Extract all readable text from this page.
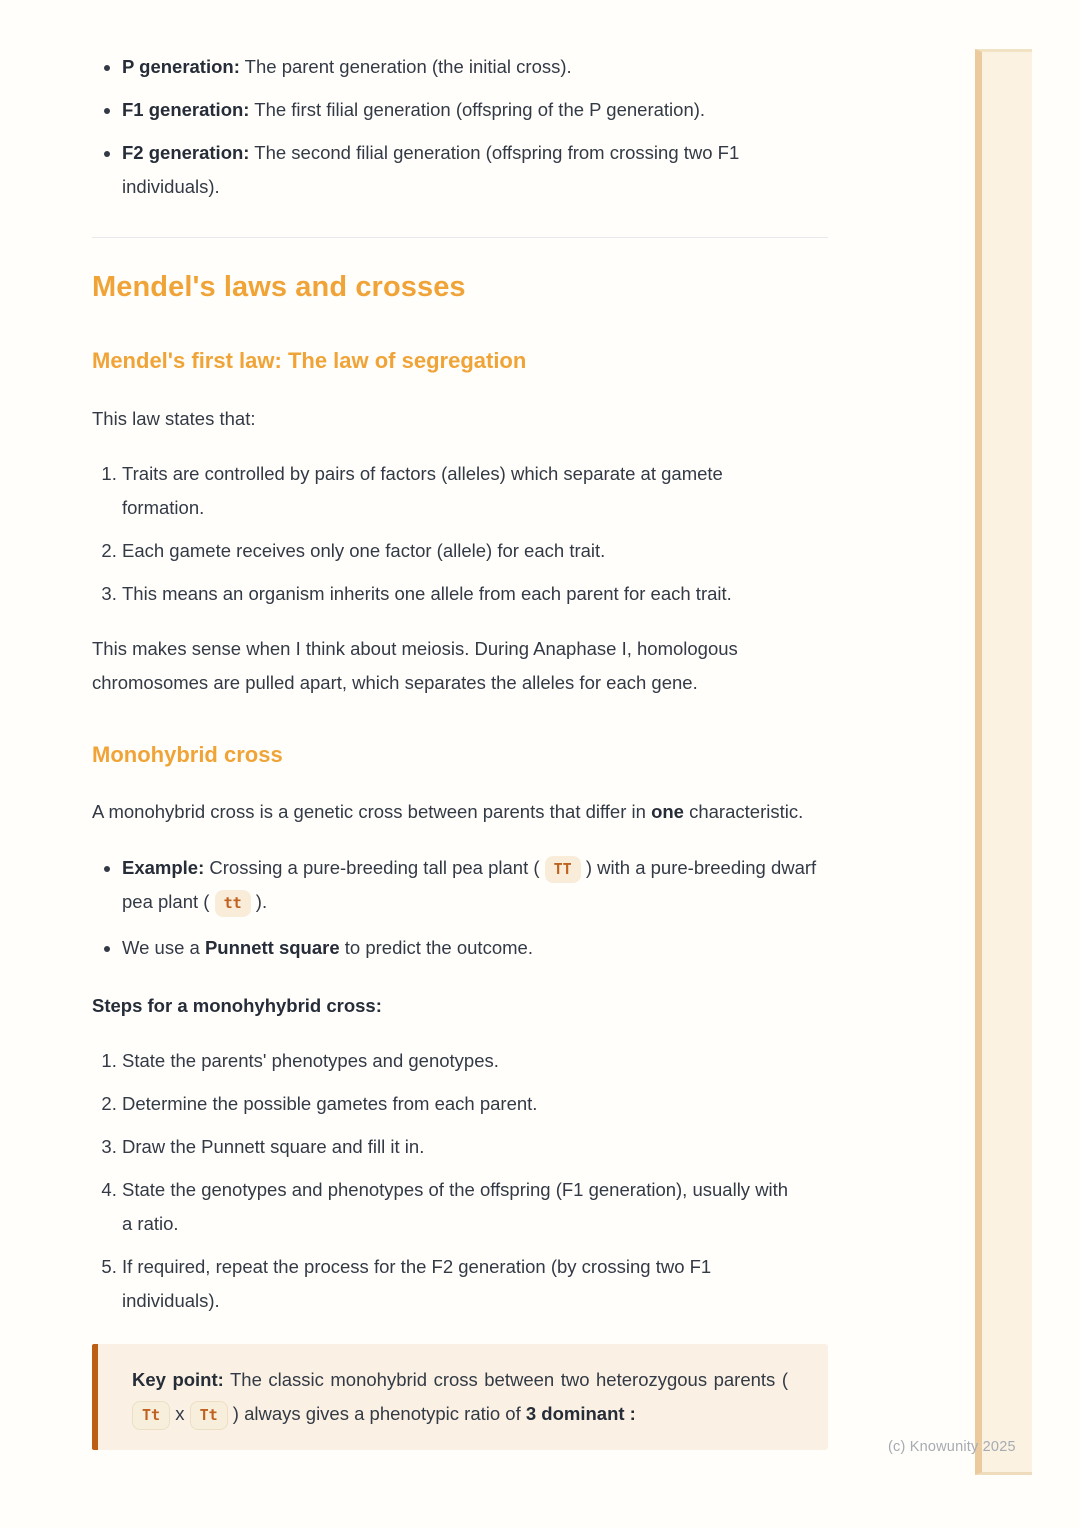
(c) Knowunity 2025
• P generation: The parent generation (the initial cross).
• F1 generation: The first filial generation (offspring of the P generation).
• F2 generation: The second filial generation (offspring from crossing two F1 individuals).
Mendel's laws and crosses
Mendel's first law: The law of segregation

This law states that:

1. Traits are controlled by pairs of factors (alleles) which separate at gamete formation.
2. Each gamete receives only one factor (allele) for each trait.
3. This means an organism inherits one allele from each parent for each trait.

This makes sense when I think about meiosis. During Anaphase I, homologous chromosomes are pulled apart, which separates the alleles for each gene.

Monohybrid cross

A monohybrid cross is a genetic cross between parents that differ in one characteristic.

• Example: Crossing a pure-breeding tall pea plant ( TT ) with a pure-breeding dwarf pea plant ( tt ).
• We use a Punnett square to predict the outcome.

Steps for a monohyhybrid cross:

1. State the parents' phenotypes and genotypes.
2. Determine the possible gametes from each parent.
3. Draw the Punnett square and fill it in.
4. State the genotypes and phenotypes of the offspring (F1 generation), usually with a ratio.
5. If required, repeat the process for the F2 generation (by crossing two F1 individuals).
Key point: The classic monohybrid cross between two heterozygous parents ( Tt x Tt ) always gives a phenotypic ratio of 3 dominant :
